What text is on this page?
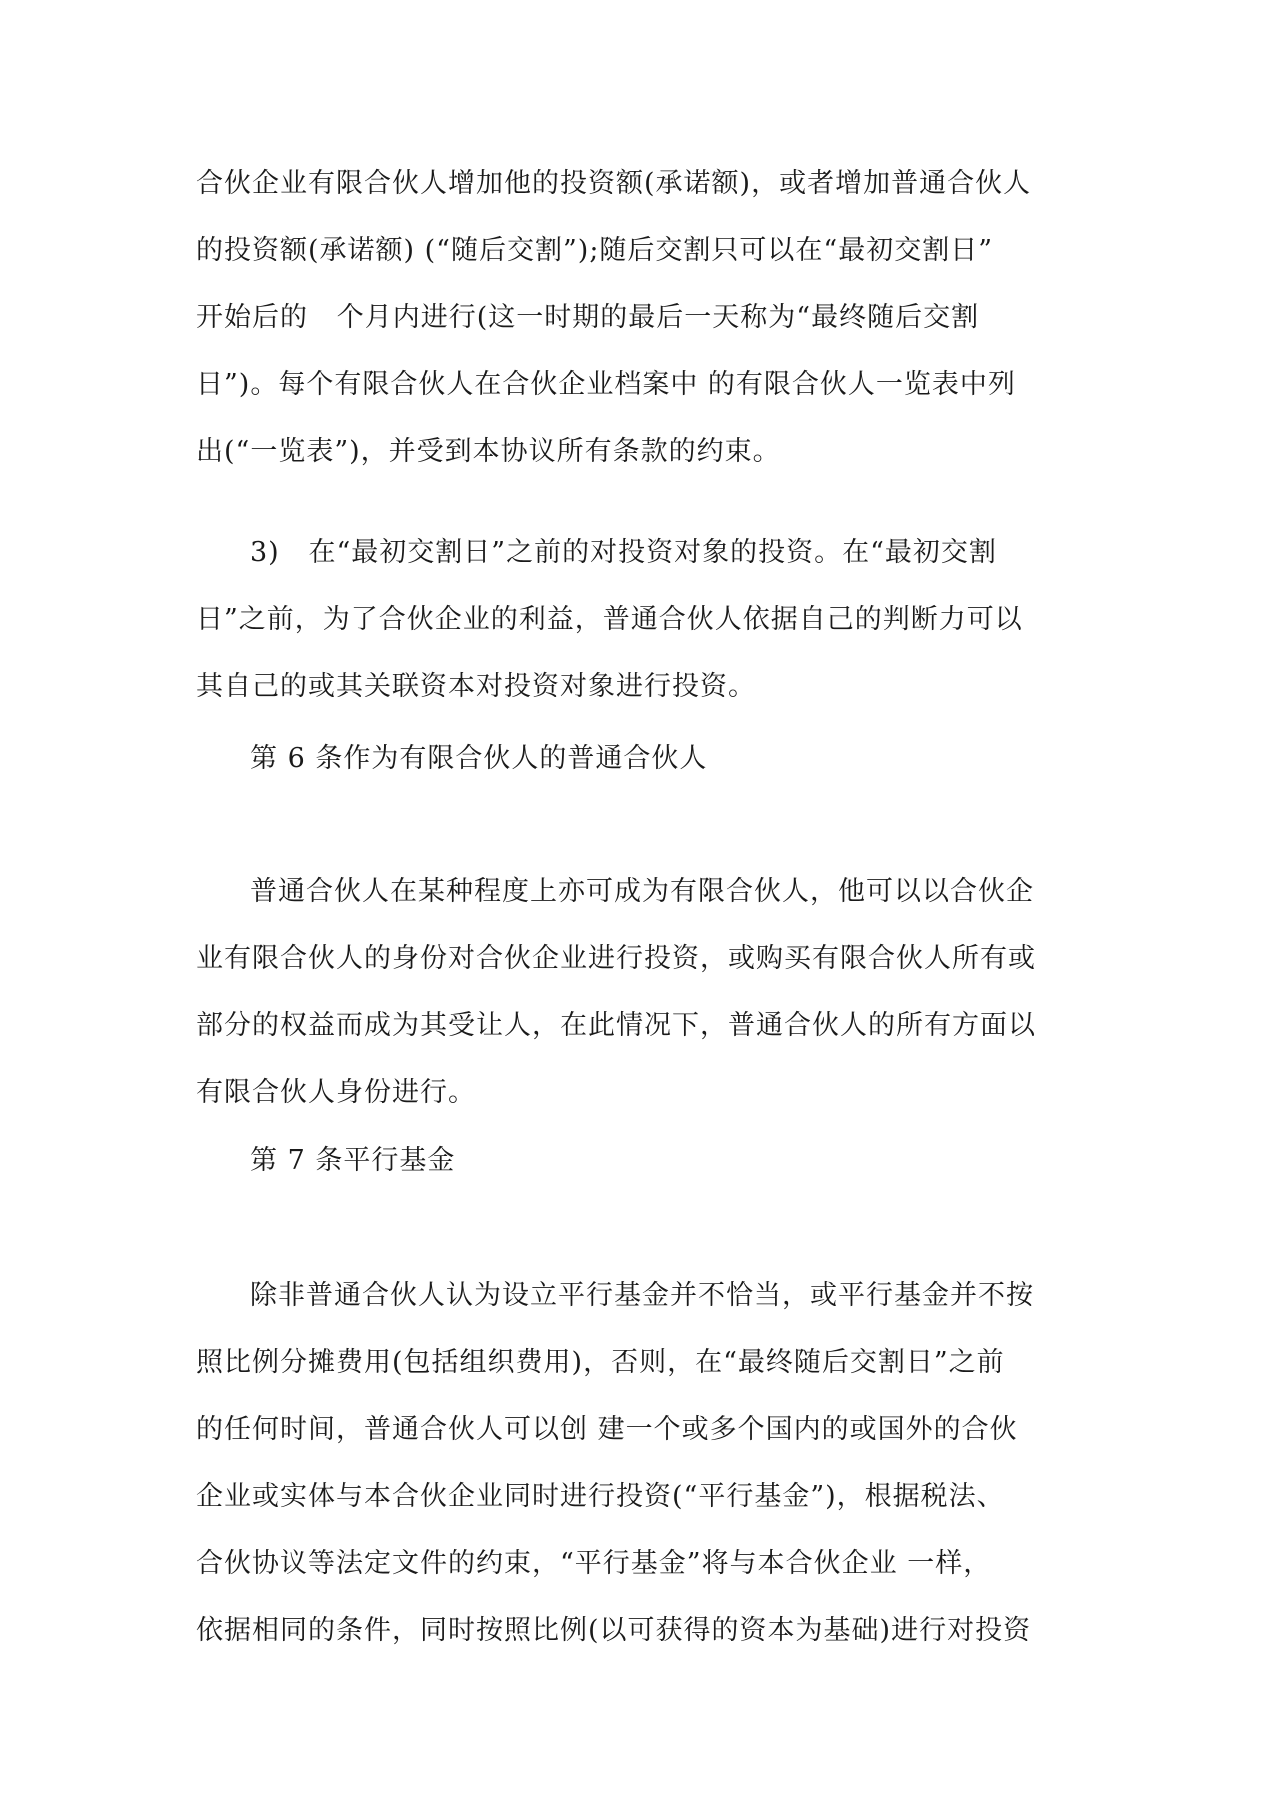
合伙企业有限合伙人增加他的投资额(承诺额)，或者增加普通合伙人
的投资额(承诺额) (“随后交割”);随后交割只可以在“最初交割日”
开始后的   个月内进行(这一时期的最后一天称为“最终随后交割
日”)。每个有限合伙人在合伙企业档案中 的有限合伙人一览表中列
出(“一览表”)，并受到本协议所有条款的约束。
3)   在“最初交割日”之前的对投资对象的投资。在“最初交割
日”之前，为了合伙企业的利益，普通合伙人依据自己的判断力可以
其自己的或其关联资本对投资对象进行投资。
第 6 条作为有限合伙人的普通合伙人
普通合伙人在某种程度上亦可成为有限合伙人，他可以以合伙企
业有限合伙人的身份对合伙企业进行投资，或购买有限合伙人所有或
部分的权益而成为其受让人，在此情况下，普通合伙人的所有方面以
有限合伙人身份进行。
第 7 条平行基金
除非普通合伙人认为设立平行基金并不恰当，或平行基金并不按
照比例分摊费用(包括组织费用)，否则，在“最终随后交割日”之前
的任何时间，普通合伙人可以创 建一个或多个国内的或国外的合伙
企业或实体与本合伙企业同时进行投资(“平行基金”)，根据税法、
合伙协议等法定文件的约束，“平行基金”将与本合伙企业 一样，
依据相同的条件，同时按照比例(以可获得的资本为基础)进行对投资
